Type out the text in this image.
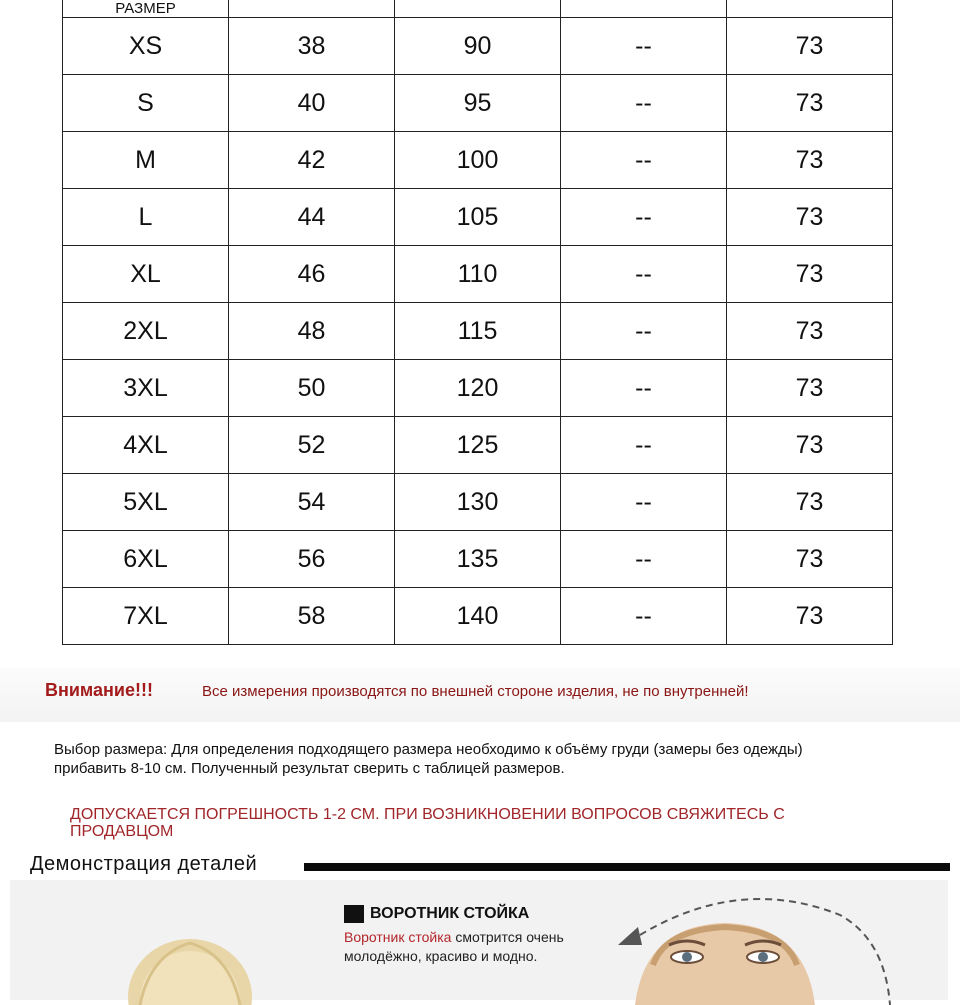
РАЗМЕР				
XS	38	90	--	73
S	40	95	--	73
M	42	100	--	73
L	44	105	--	73
XL	46	110	--	73
2XL	48	115	--	73
3XL	50	120	--	73
4XL	52	125	--	73
5XL	54	130	--	73
6XL	56	135	--	73
7XL	58	140	--	73
Внимание!!!	Все измерения производятся по внешней стороне изделия, не по внутренней!
Выбор размера: Для определения подходящего размера необходимо к объёму груди (замеры без одежды) прибавить 8-10 см. Полученный результат сверить с таблицей размеров.
ДОПУСКАЕТСЯ ПОГРЕШНОСТЬ 1-2 СМ. ПРИ ВОЗНИКНОВЕНИИ ВОПРОСОВ СВЯЖИТЕСЬ С ПРОДАВЦОМ
Демонстрация деталей
ВОРОТНИК СТОЙКА
Воротник стойка смотрится очень
молодёжно, красиво и модно.
